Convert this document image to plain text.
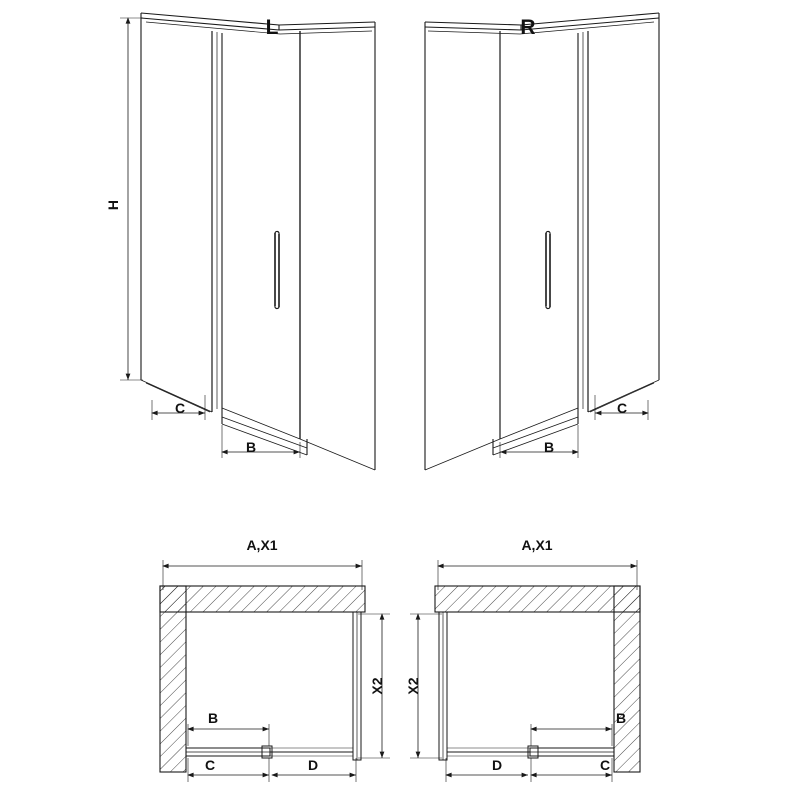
L	R
H
C
B
C
B
A,X1
X2
B
C	D
A,X1
X2
B
C
D
